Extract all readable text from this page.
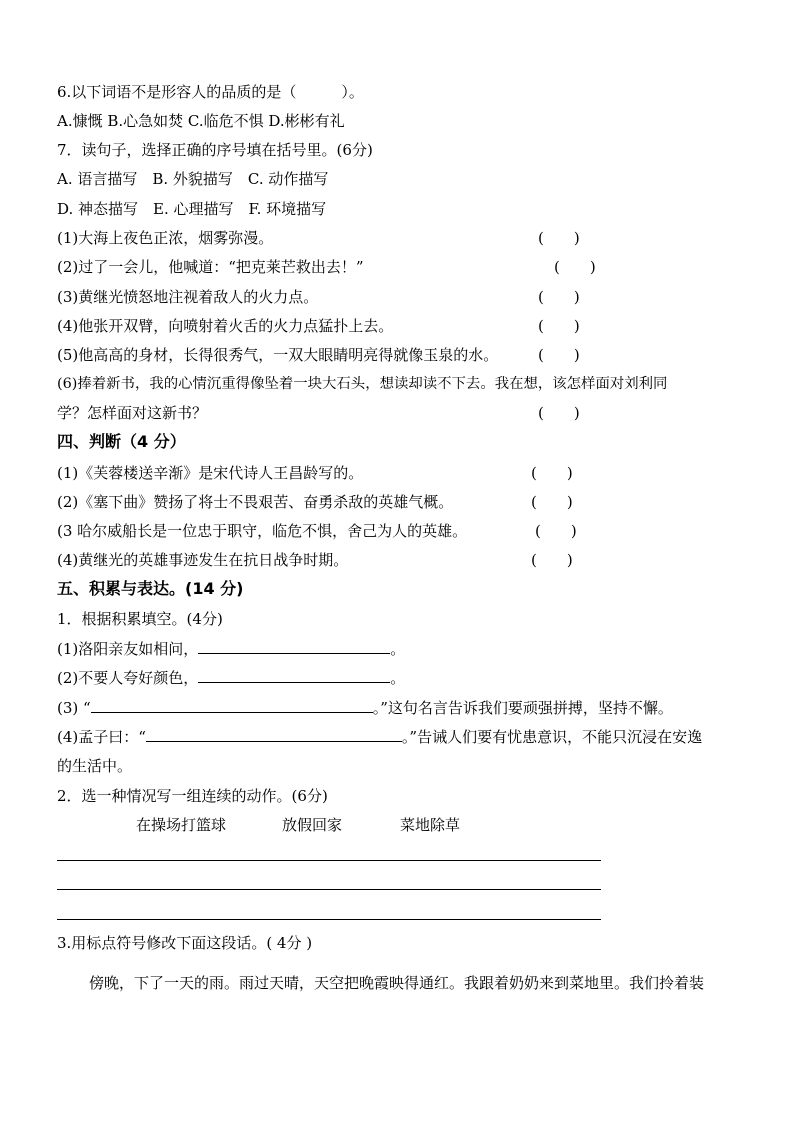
6.以下词语不是形容人的品质的是（　　　）。
A.慷慨 B.心急如焚 C.临危不惧 D.彬彬有礼
7．读句子，选择正确的序号填在括号里。(6分)
A. 语言描写　B. 外貌描写　C. 动作描写
D. 神态描写　E. 心理描写　F. 环境描写
(1)大海上夜色正浓，烟雾弥漫。	(　　)
(2)过了一会儿，他喊道：“把克莱芒救出去！”	(　　)
(3)黄继光愤怒地注视着敌人的火力点。	(　　)
(4)他张开双臂，向喷射着火舌的火力点猛扑上去。	(　　)
(5)他高高的身材，长得很秀气，一双大眼睛明亮得就像玉泉的水。	(　　)
(6)捧着新书，我的心情沉重得像坠着一块大石头，想读却读不下去。我在想，该怎样面对刘利同
学？怎样面对这新书？	(　　)
四、判断（4 分）
(1)《芙蓉楼送辛渐》是宋代诗人王昌龄写的。	(　　)
(2)《塞下曲》赞扬了将士不畏艰苦、奋勇杀敌的英雄气概。	(　　)
(3 哈尔威船长是一位忠于职守，临危不惧，舍己为人的英雄。	(　　)
(4)黄继光的英雄事迹发生在抗日战争时期。	(　　)
五、积累与表达。(14 分)
1．根据积累填空。(4分)
(1)洛阳亲友如相问，	。
(2)不要人夸好颜色，	。
(3) “	。”这句名言告诉我们要顽强拼搏，坚持不懈。
(4)孟子曰：“	。”告诫人们要有忧患意识，不能只沉浸在安逸
的生活中。
2．选一种情况写一组连续的动作。(6分)
在操场打篮球	放假回家	菜地除草
3.用标点符号修改下面这段话。( 4分 )
傍晚，下了一天的雨。雨过天晴，天空把晚霞映得通红。我跟着奶奶来到菜地里。我们拎着装
